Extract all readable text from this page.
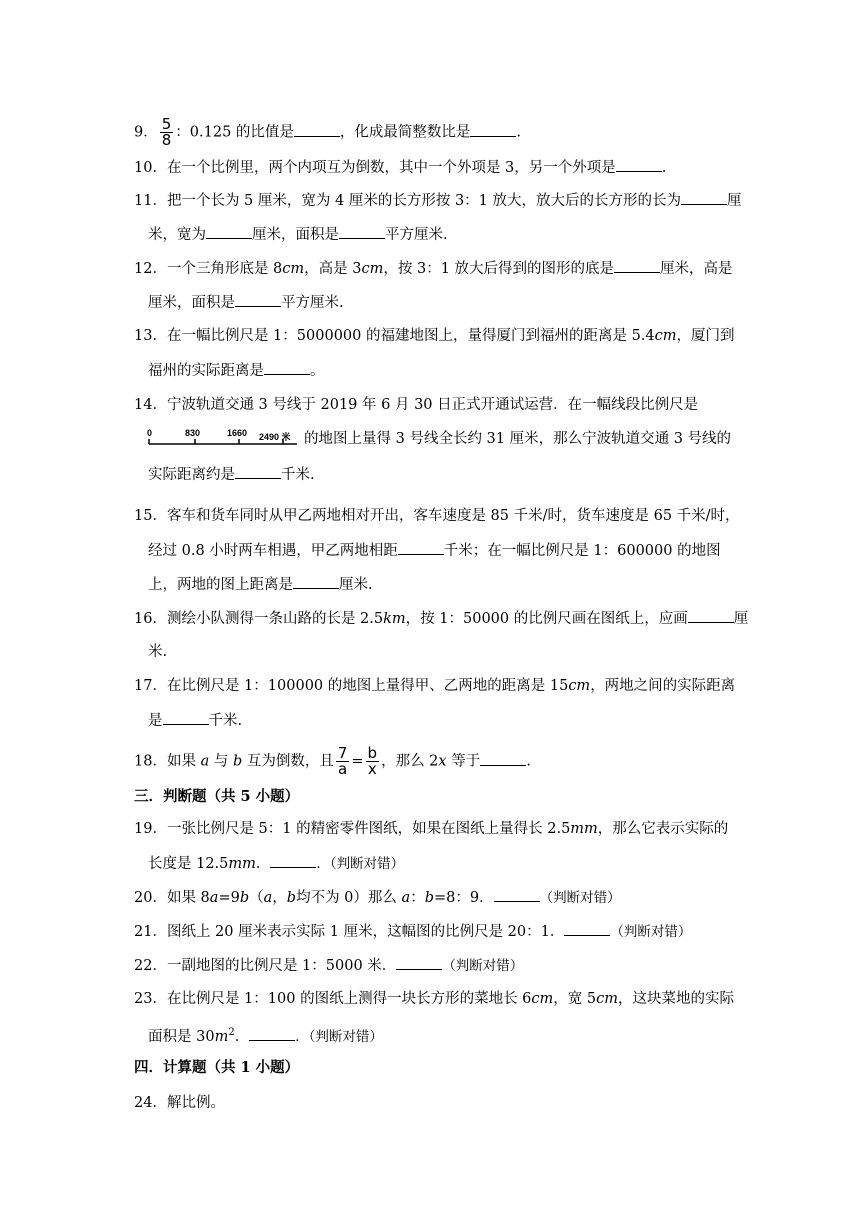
9． $\frac{5}{8}$ ：0.125 的比值是	，化成最简整数比是	.
10．在一个比例里，两个内项互为倒数，其中一个外项是 3，另一个外项是	.
11．把一个长为 5 厘米，宽为 4 厘米的长方形按 3：1 放大，放大后的长方形的长为	厘
米，宽为	厘米，面积是	平方厘米.
12．一个三角形底是 8cm，高是 3cm，按 3：1 放大后得到的图形的底是	厘米，高是
厘米，面积是	平方厘米.
13．在一幅比例尺是 1：5000000 的福建地图上，量得厦门到福州的距离是 5.4cm，厦门到
福州的实际距离是	。
14．宁波轨道交通 3 号线于 2019 年 6 月 30 日正式开通试运营．在一幅线段比例尺是
0	830	1660 2490 米 的地图上量得 3 号线全长约 31 厘米，那么宁波轨道交通 3 号线的
实际距离约是	千米.
15．客车和货车同时从甲乙两地相对开出，客车速度是 85 千米/时，货车速度是 65 千米/时，
经过 0.8 小时两车相遇，甲乙两地相距	千米；在一幅比例尺是 1：600000 的地图
上，两地的图上距离是	厘米.
16．测绘小队测得一条山路的长是 2.5km，按 1：50000 的比例尺画在图纸上，应画	厘
米.
17．在比例尺是 1：100000 的地图上量得甲、乙两地的距离是 15cm，两地之间的实际距离
是	千米.
18．如果 a 与 b 互为倒数，且 $\frac{7}{a} = \frac{b}{x}$ ，那么 2x 等于	.
三．判断题（共 5 小题）
19．一张比例尺是 5：1 的精密零件图纸，如果在图纸上量得长 2.5mm，那么它表示实际的
长度是 12.5mm．	．（判断对错）
20．如果 8a=9b（a，b均不为 0）那么 a：b=8：9．	（判断对错）
21．图纸上 20 厘米表示实际 1 厘米，这幅图的比例尺是 20：1．	（判断对错）
22．一副地图的比例尺是 1：5000 米．	（判断对错）
23．在比例尺是 1：100 的图纸上测得一块长方形的菜地长 6cm，宽 5cm，这块菜地的实际
面积是 $30m^2$．	．（判断对错）
四．计算题（共 1 小题）
24．解比例。
